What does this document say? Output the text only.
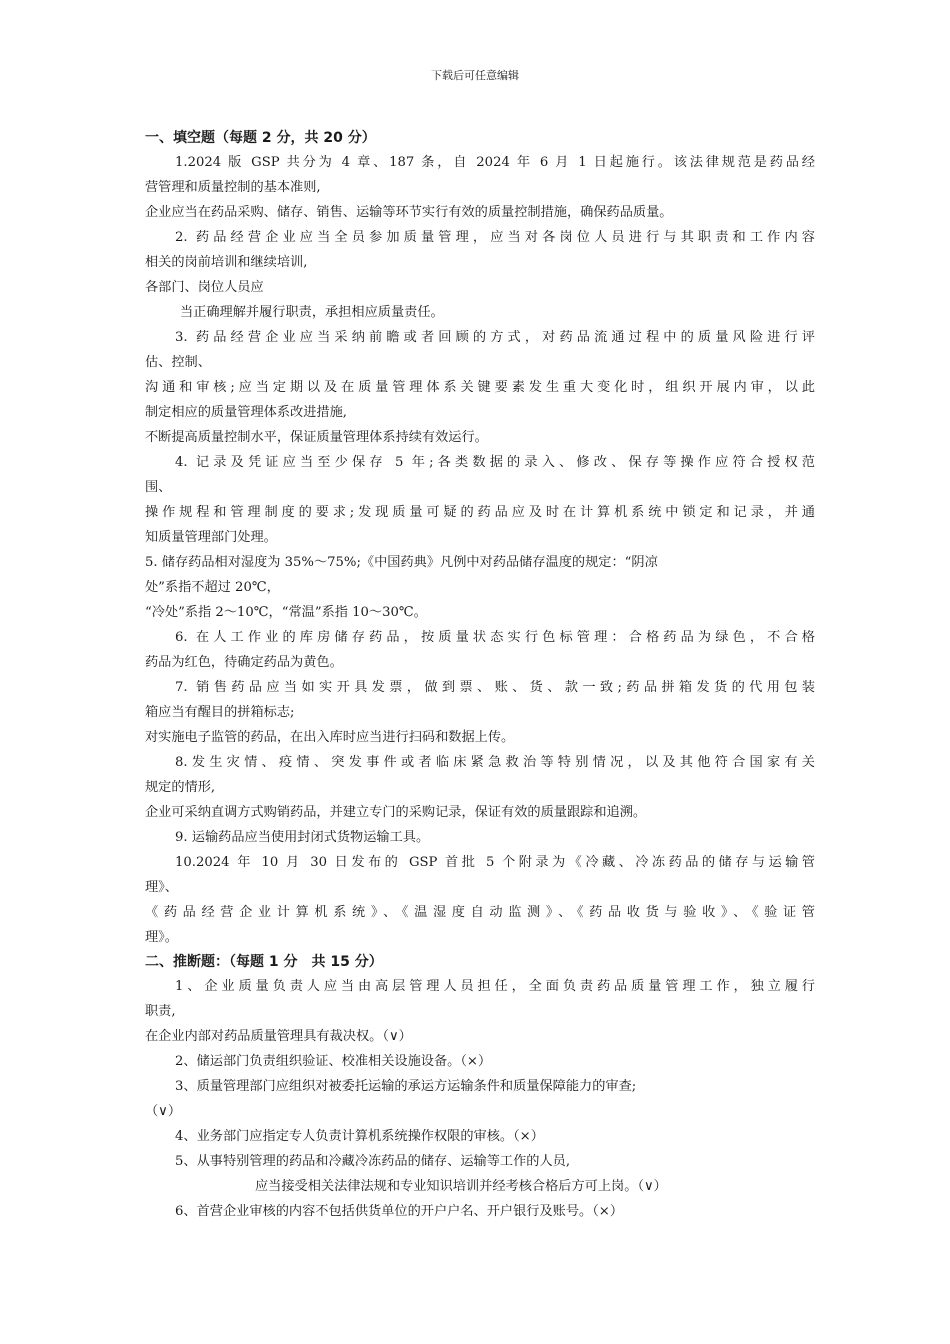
下载后可任意编辑
一、填空题（每题 2 分，共 20 分）
1.2024 版 GSP 共分为 4 章、187 条，自 2024 年 6 月 1 日起施行。该法律规范是药品经
营管理和质量控制的基本准则,
企业应当在药品采购、储存、销售、运输等环节实行有效的质量控制措施，确保药品质量。
2. 药品经营企业应当全员参加质量管理，应当对各岗位人员进行与其职责和工作内容
相关的岗前培训和继续培训,
各部门、岗位人员应
当正确理解并履行职责，承担相应质量责任。
3. 药品经营企业应当采纳前瞻或者回顾的方式，对药品流通过程中的质量风险进行评
估、控制、
沟通和审核;应当定期以及在质量管理体系关键要素发生重大变化时，组织开展内审，以此
制定相应的质量管理体系改进措施,
不断提高质量控制水平，保证质量管理体系持续有效运行。
4. 记录及凭证应当至少保存 5 年;各类数据的录入、修改、保存等操作应符合授权范
围、
操作规程和管理制度的要求;发现质量可疑的药品应及时在计算机系统中锁定和记录，并通
知质量管理部门处理。
5. 储存药品相对湿度为 35%～75%;《中国药典》凡例中对药品储存温度的规定：“阴凉
处”系指不超过 20℃，
“冷处”系指 2～10℃，“常温”系指 10～30℃。
6. 在人工作业的库房储存药品，按质量状态实行色标管理：合格药品为绿色，不合格
药品为红色，待确定药品为黄色。
7. 销售药品应当如实开具发票，做到票、账、货、款一致;药品拼箱发货的代用包装
箱应当有醒目的拼箱标志;
对实施电子监管的药品，在出入库时应当进行扫码和数据上传。
8.发生灾情、疫情、突发事件或者临床紧急救治等特别情况，以及其他符合国家有关
规定的情形,
企业可采纳直调方式购销药品，并建立专门的采购记录，保证有效的质量跟踪和追溯。
9. 运输药品应当使用封闭式货物运输工具。
10.2024 年 10 月 30 日发布的 GSP 首批 5 个附录为《冷藏、冷冻药品的储存与运输管
理》、
《药品经营企业计算机系统》、《温湿度自动监测》、《药品收货与验收》、《验证管
理》。
二、推断题：（每题 1 分　共 15 分）
1、企业质量负责人应当由高层管理人员担任，全面负责药品质量管理工作，独立履行
职责,
在企业内部对药品质量管理具有裁决权。（∨）
2、储运部门负责组织验证、校准相关设施设备。（×）
3、质量管理部门应组织对被委托运输的承运方运输条件和质量保障能力的审查;
（∨）
4、业务部门应指定专人负责计算机系统操作权限的审核。（×）
5、从事特别管理的药品和冷藏冷冻药品的储存、运输等工作的人员,
应当接受相关法律法规和专业知识培训并经考核合格后方可上岗。（∨）
6、首营企业审核的内容不包括供货单位的开户户名、开户银行及账号。（×）
